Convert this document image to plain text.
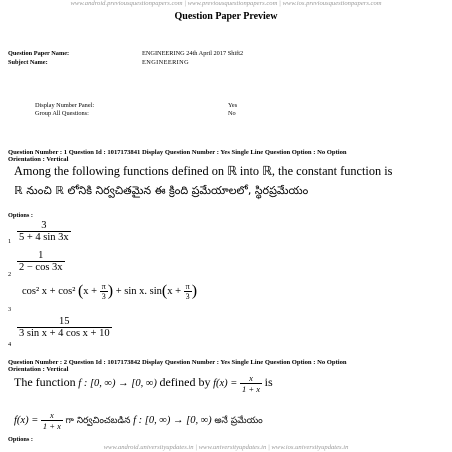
www.android.previousquestionpapers.com | www.previousquestionpapers.com | www.ios.previousquestionpapers.com
Question Paper Preview
Question Paper Name:	ENGINEERING 24th April 2017 Shift2
Subject Name:	ENGINEERING
Display Number Panel:	Yes
Group All Questions:	No
Question Number : 1 Question Id : 1017173841 Display Question Number : Yes Single Line Question Option : No Option
Orientation : Vertical
Among the following functions defined on ℝ into ℝ, the constant function is
ℝ నుంచి ℝ లోనికి నిర్వచితమైన ఈ క్రింది ప్రమేయాలలో, స్థిరప్రమేయం
Options :
$1 \frac{3}{5 + 4 \sin 3x}$
2
$\frac{1}{2 - \cos 3x}$
3
cos² x + cos² ($x + \frac{\pi}{3}$ ) + sin x. $\sin(x + \frac{\pi}{3}$ )
4
$\frac{15}{\text{3 sin x + 4 cos x + 10}}$
Question Number : 2 Question Id : 1017173842 Display Question Number : Yes Single Line Question Option : No Option
Orientation : Vertical
The function f : [0, ∞) → [0, ∞) defined by $f(x) = \frac{x}{1 + x}$ is
$f(x) = \frac{x}{1 + x}$ గా నిర్వచించబడిన f : [0, ∞) → [0, ∞) అనే ప్రమేయం
Options :
www.android.universityupdates.in | www.universityupdates.in | www.ios.universityupdates.in
